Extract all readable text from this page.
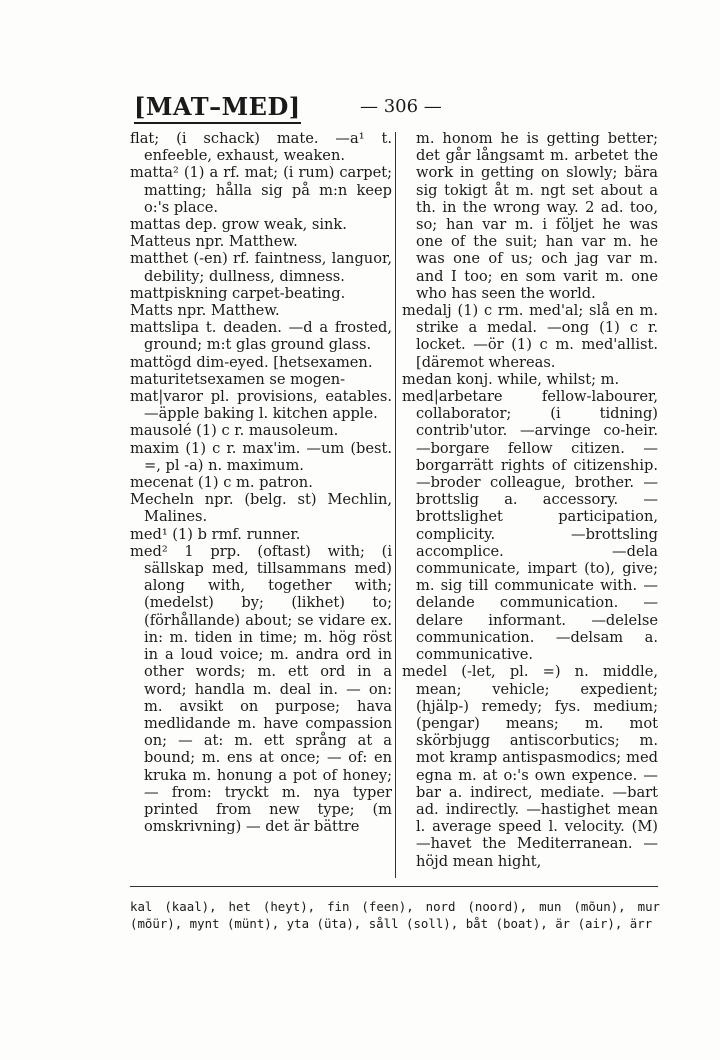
[MAT–MED]	— 306 —

flat; (i schack) mate. —a¹ t. enfeeble, exhaust, weaken.

matta² (1) a rf. mat; (i rum) carpet; matting; hålla sig på m:n keep o:'s place.

mattas dep. grow weak, sink.

Matteus npr. Matthew.

matthet (-en) rf. faintness, languor, debility; dullness, dimness.

mattpiskning carpet-beating.

Matts npr. Matthew.

mattslipa t. deaden. —d a frosted, ground; m:t glas ground glass.

mattögd dim-eyed. [hetsexamen.

maturitetsexamen se mogen-

mat|varor pl. provisions, eatables. —äpple baking l. kitchen apple.

mausolé (1) c r. mausoleum.

maxim (1) c r. max'im. —um (best. =, pl -a) n. maximum.

mecenat (1) c m. patron.

Mecheln npr. (belg. st) Mechlin, Malines.

med¹ (1) b rmf. runner.

med² 1 prp. (oftast) with; (i sällskap med, tillsammans med) along with, together with; (medelst) by; (likhet) to; (förhållande) about; se vidare ex. in: m. tiden in time; m. hög röst in a loud voice; m. andra ord in other words; m. ett ord in a word; handla m. deal in. — on: m. avsikt on purpose; hava medlidande m. have compassion on; — at: m. ett språng at a bound; m. ens at once; — of: en kruka m. honung a pot of honey; — from: tryckt m. nya typer printed from new type; (m omskrivning) — det är bättre

m. honom he is getting better; det går långsamt m. arbetet the work in getting on slowly; bära sig tokigt åt m. ngt set about a th. in the wrong way. 2 ad. too, so; han var m. i följet he was one of the suit; han var m. he was one of us; och jag var m. and I too; en som varit m. one who has seen the world.

medalj (1) c rm. med'al; slå en m. strike a medal. —ong (1) c r. locket. —ör (1) c m. med'allist. [däremot whereas.

medan konj. while, whilst; m.

med|arbetare fellow-labourer, collaborator; (i tidning) contrib'utor. —arvinge co-heir. —borgare fellow citizen. —borgarrätt rights of citizenship. —broder colleague, brother. —brottslig a. accessory. —brottslighet participation, complicity. —brottsling accomplice. —dela communicate, impart (to), give; m. sig till communicate with. —delande communication. —delare informant. —delelse communication. —delsam a. communicative.

medel (-let, pl. =) n. middle, mean; vehicle; expedient; (hjälp-) remedy; fys. medium; (pengar) means; m. mot skörbjugg antiscorbutics; m. mot kramp antispasmodics; med egna m. at o:'s own expence. —bar a. indirect, mediate. —bart ad. indirectly. —hastighet mean l. average speed l. velocity. (M) —havet the Mediterranean. —höjd mean hight,

kal (kaal), het (heyt), fin (feen), nord (noord), mun (mõun), mur (mõür), mynt (münt), yta (üta), såll (soll), båt (boat), är (air), ärr
